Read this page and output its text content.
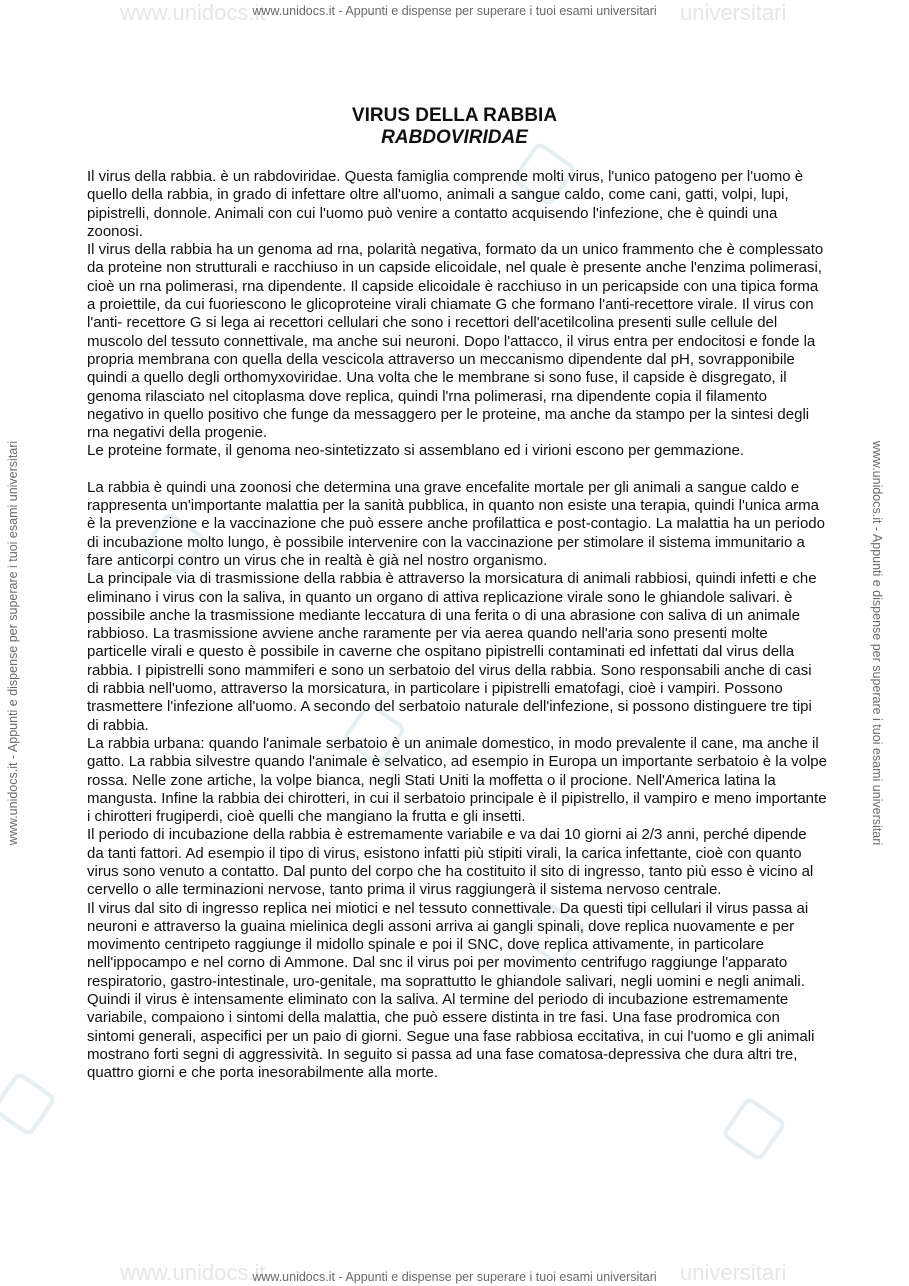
www.unidocs.it	universitari
www.unidocs.it	universitari
www.unidocs.it - Appunti e dispense per superare i tuoi esami universitari
www.unidocs.it - Appunti e dispense per superare i tuoi esami universitari
www.unidocs.it - Appunti e dispense per superare i tuoi esami universitari	www.unidocs.it - Appunti e dispense per superare i tuoi esami universitari
VIRUS DELLA RABBIA
RABDOVIRIDAE

Il virus della rabbia. è un rabdoviridae. Questa famiglia comprende molti virus, l'unico patogeno per l'uomo è quello della rabbia, in grado di infettare oltre all'uomo, animali a sangue caldo, come cani, gatti, volpi, lupi, pipistrelli, donnole. Animali con cui l'uomo può venire a contatto acquisendo l'infezione, che è quindi una zoonosi.

Il virus della rabbia ha un genoma ad rna, polarità negativa, formato da un unico frammento che è complessato da proteine non strutturali e racchiuso in un capside elicoidale, nel quale è presente anche l'enzima polimerasi, cioè un rna polimerasi, rna dipendente. Il capside elicoidale è racchiuso in un pericapside con una tipica forma a proiettile, da cui fuoriescono le glicoproteine virali chiamate G che formano l'anti-recettore virale. Il virus con l'anti- recettore G si lega ai recettori cellulari che sono i recettori dell'acetilcolina presenti sulle cellule del muscolo del tessuto connettivale, ma anche sui neuroni. Dopo l'attacco, il virus entra per endocitosi e fonde la propria membrana con quella della vescicola attraverso un meccanismo dipendente dal pH, sovrapponibile quindi a quello degli orthomyxoviridae. Una volta che le membrane si sono fuse, il capside è disgregato, il genoma rilasciato nel citoplasma dove replica, quindi l'rna polimerasi, rna dipendente copia il filamento negativo in quello positivo che funge da messaggero per le proteine, ma anche da stampo per la sintesi degli rna negativi della progenie.

Le proteine formate, il genoma neo-sintetizzato si assemblano ed i virioni escono per gemmazione.

La rabbia è quindi una zoonosi che determina una grave encefalite mortale per gli animali a sangue caldo e rappresenta un'importante malattia per la sanità pubblica, in quanto non esiste una terapia, quindi l'unica arma è la prevenzione e la vaccinazione che può essere anche profilattica e post-contagio. La malattia ha un periodo di incubazione molto lungo, è possibile intervenire con la vaccinazione per stimolare il sistema immunitario a fare anticorpi contro un virus che in realtà è già nel nostro organismo.

La principale via di trasmissione della rabbia è attraverso la morsicatura di animali rabbiosi, quindi infetti e che eliminano i virus con la saliva, in quanto un organo di attiva replicazione virale sono le ghiandole salivari. è possibile anche la trasmissione mediante leccatura di una ferita o di una abrasione con saliva di un animale rabbioso. La trasmissione avviene anche raramente per via aerea quando nell'aria sono presenti molte particelle virali e questo è possibile in caverne che ospitano pipistrelli contaminati ed infettati dal virus della rabbia. I pipistrelli sono mammiferi e sono un serbatoio del virus della rabbia. Sono responsabili anche di casi di rabbia nell'uomo, attraverso la morsicatura, in particolare i pipistrelli ematofagi, cioè i vampiri. Possono trasmettere l'infezione all'uomo. A secondo del serbatoio naturale dell'infezione, si possono distinguere tre tipi di rabbia.

La rabbia urbana: quando l'animale serbatoio è un animale domestico, in modo prevalente il cane, ma anche il gatto. La rabbia silvestre quando l'animale è selvatico, ad esempio in Europa un importante serbatoio è la volpe rossa. Nelle zone artiche, la volpe bianca, negli Stati Uniti la moffetta o il procione. Nell'America latina la mangusta. Infine la rabbia dei chirotteri, in cui il serbatoio principale è il pipistrello, il vampiro e meno importante i chirotteri frugiperdi, cioè quelli che mangiano la frutta e gli insetti.

Il periodo di incubazione della rabbia è estremamente variabile e va dai 10 giorni ai 2/3 anni, perché dipende da tanti fattori. Ad esempio il tipo di virus, esistono infatti più stipiti virali, la carica infettante, cioè con quanto virus sono venuto a contatto. Dal punto del corpo che ha costituito il sito di ingresso, tanto più esso è vicino al cervello o alle terminazioni nervose, tanto prima il virus raggiungerà il sistema nervoso centrale.

Il virus dal sito di ingresso replica nei miotici e nel tessuto connettivale. Da questi tipi cellulari il virus passa ai neuroni e attraverso la guaina mielinica degli assoni arriva ai gangli spinali, dove replica nuovamente e per movimento centripeto raggiunge il midollo spinale e poi il SNC, dove replica attivamente, in particolare nell'ippocampo e nel corno di Ammone. Dal snc il virus poi per movimento centrifugo raggiunge l'apparato respiratorio, gastro-intestinale, uro-genitale, ma soprattutto le ghiandole salivari, negli uomini e negli animali. Quindi il virus è intensamente eliminato con la saliva. Al termine del periodo di incubazione estremamente variabile, compaiono i sintomi della malattia, che può essere distinta in tre fasi. Una fase prodromica con sintomi generali, aspecifici per un paio di giorni. Segue una fase rabbiosa eccitativa, in cui l'uomo e gli animali mostrano forti segni di aggressività. In seguito si passa ad una fase comatosa-depressiva che dura altri tre, quattro giorni e che porta inesorabilmente alla morte.
